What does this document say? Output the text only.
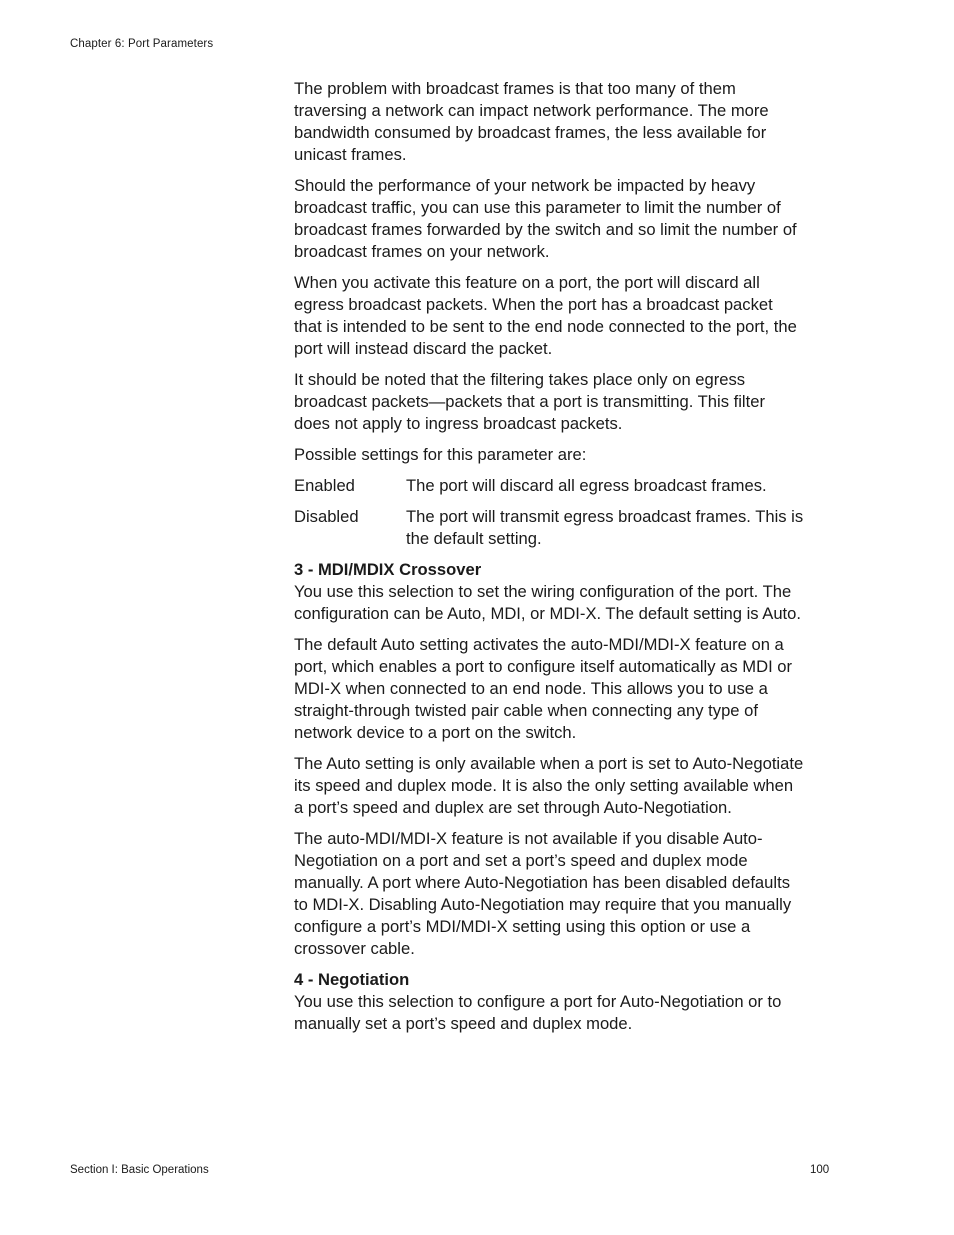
Chapter 6: Port Parameters

The problem with broadcast frames is that too many of them traversing a network can impact network performance. The more bandwidth consumed by broadcast frames, the less available for unicast frames.

Should the performance of your network be impacted by heavy broadcast traffic, you can use this parameter to limit the number of broadcast frames forwarded by the switch and so limit the number of broadcast frames on your network.

When you activate this feature on a port, the port will discard all egress broadcast packets. When the port has a broadcast packet that is intended to be sent to the end node connected to the port, the port will instead discard the packet.

It should be noted that the filtering takes place only on egress broadcast packets—packets that a port is transmitting. This filter does not apply to ingress broadcast packets.

Possible settings for this parameter are:

Enabled	The port will discard all egress broadcast frames.
Disabled	The port will transmit egress broadcast frames. This is the default setting.
3 - MDI/MDIX Crossover

You use this selection to set the wiring configuration of the port. The configuration can be Auto, MDI, or MDI-X. The default setting is Auto.

The default Auto setting activates the auto-MDI/MDI-X feature on a port, which enables a port to configure itself automatically as MDI or MDI-X when connected to an end node. This allows you to use a straight-through twisted pair cable when connecting any type of network device to a port on the switch.

The Auto setting is only available when a port is set to Auto-Negotiate its speed and duplex mode. It is also the only setting available when a port’s speed and duplex are set through Auto-Negotiation.

The auto-MDI/MDI-X feature is not available if you disable Auto-Negotiation on a port and set a port’s speed and duplex mode manually. A port where Auto-Negotiation has been disabled defaults to MDI-X. Disabling Auto-Negotiation may require that you manually configure a port’s MDI/MDI-X setting using this option or use a crossover cable.

4 - Negotiation

You use this selection to configure a port for Auto-Negotiation or to manually set a port’s speed and duplex mode.

Section I: Basic Operations	100
